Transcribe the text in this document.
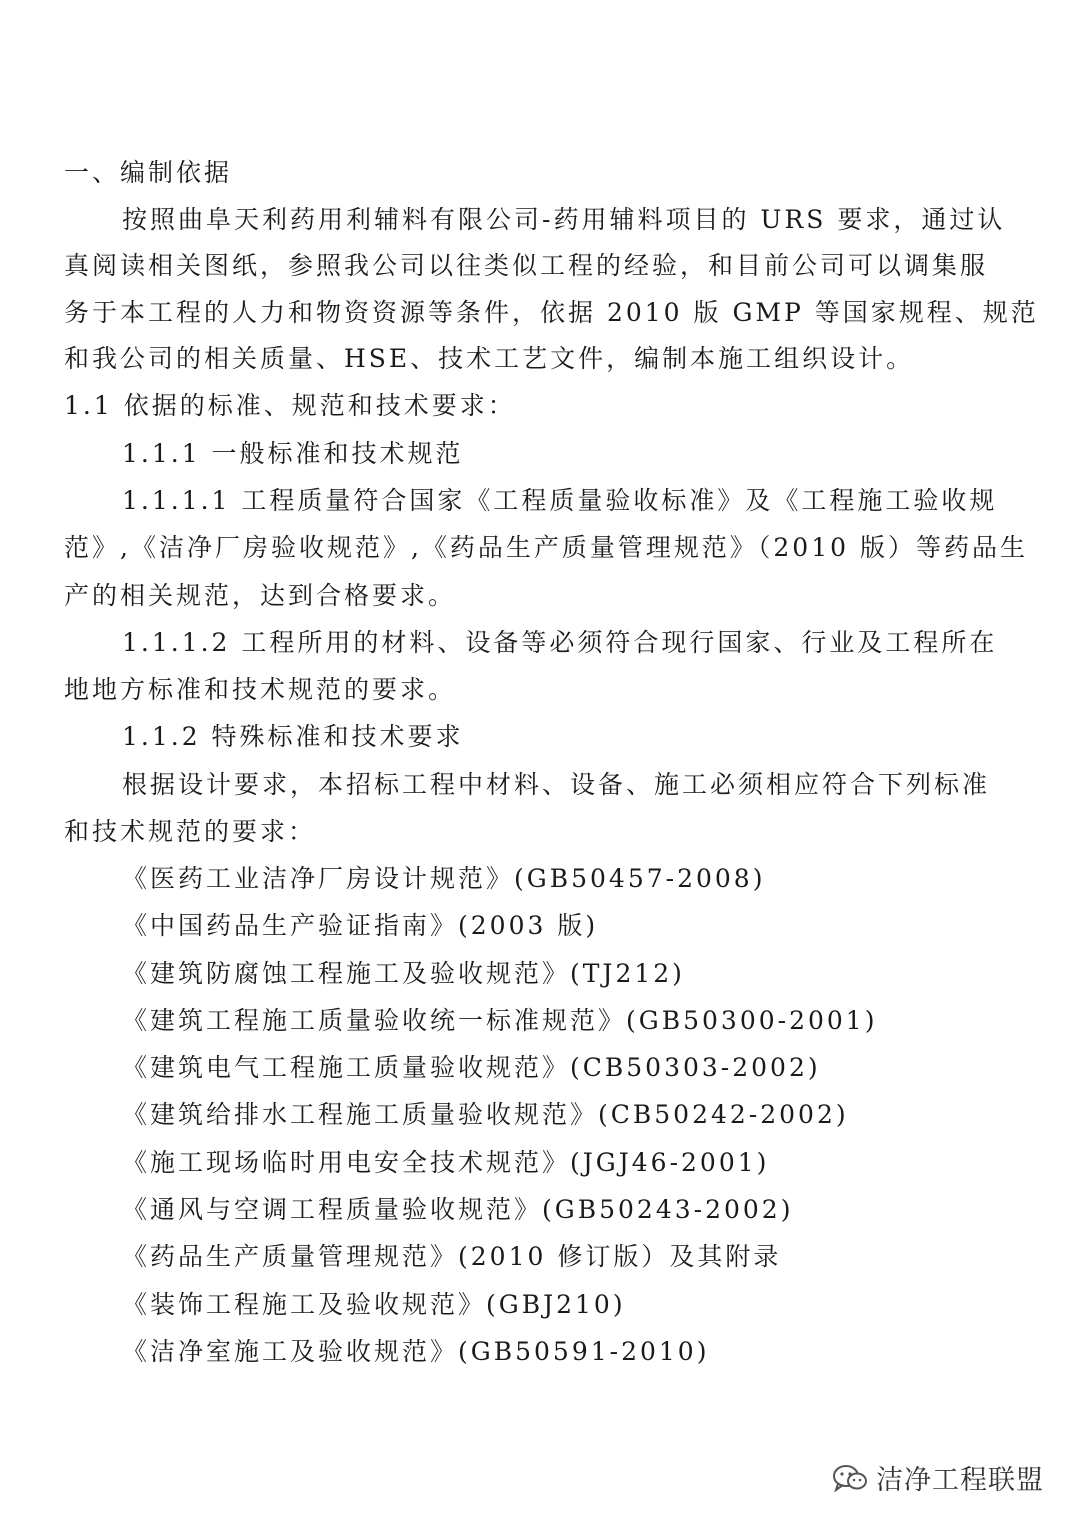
一、编制依据
按照曲阜天利药用利辅料有限公司-药用辅料项目的 URS 要求，通过认
真阅读相关图纸，参照我公司以往类似工程的经验，和目前公司可以调集服
务于本工程的人力和物资资源等条件，依据 2010 版 GMP 等国家规程、规范
和我公司的相关质量、HSE、技术工艺文件，编制本施工组织设计。
1.1 依据的标准、规范和技术要求：
1.1.1 一般标准和技术规范
1.1.1.1 工程质量符合国家《工程质量验收标准》及《工程施工验收规
范》,《洁净厂房验收规范》,《药品生产质量管理规范》（2010 版）等药品生
产的相关规范，达到合格要求。
1.1.1.2 工程所用的材料、设备等必须符合现行国家、行业及工程所在
地地方标准和技术规范的要求。
1.1.2 特殊标准和技术要求
根据设计要求，本招标工程中材料、设备、施工必须相应符合下列标准
和技术规范的要求：
《医药工业洁净厂房设计规范》(GB50457-2008)
《中国药品生产验证指南》(2003 版)
《建筑防腐蚀工程施工及验收规范》(TJ212)
《建筑工程施工质量验收统一标准规范》(GB50300-2001)
《建筑电气工程施工质量验收规范》(CB50303-2002)
《建筑给排水工程施工质量验收规范》(CB50242-2002)
《施工现场临时用电安全技术规范》(JGJ46-2001)
《通风与空调工程质量验收规范》(GB50243-2002)
《药品生产质量管理规范》(2010 修订版）及其附录
《装饰工程施工及验收规范》(GBJ210)
《洁净室施工及验收规范》(GB50591-2010)
洁净工程联盟
